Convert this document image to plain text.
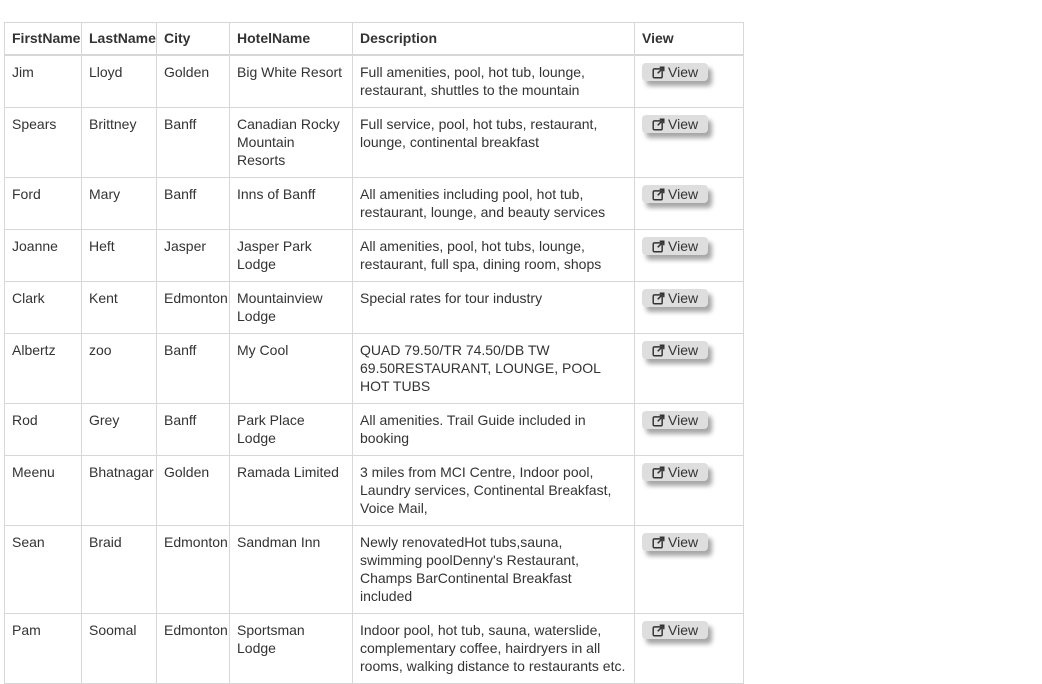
FirstName	LastName	City	HotelName	Description	View
Jim	Lloyd	Golden	Big White Resort	Full amenities, pool, hot tub, lounge, restaurant, shuttles to the mountain	View

Spears	Brittney	Banff	Canadian Rocky Mountain Resorts	Full service, pool, hot tubs, restaurant, lounge, continental breakfast	View

Ford	Mary	Banff	Inns of Banff	All amenities including pool, hot tub, restaurant, lounge, and beauty services	View

Joanne	Heft	Jasper	Jasper Park Lodge	All amenities, pool, hot tubs, lounge, restaurant, full spa, dining room, shops	View

Clark	Kent	Edmonton	Mountainview Lodge	Special rates for tour industry	View

Albertz	zoo	Banff	My Cool	QUAD 79.50/TR 74.50/DB TW 69.50RESTAURANT, LOUNGE, POOL HOT TUBS	View

Rod	Grey	Banff	Park Place Lodge	All amenities. Trail Guide included in booking	View

Meenu	Bhatnagar	Golden	Ramada Limited	3 miles from MCI Centre, Indoor pool, Laundry services, Continental Breakfast, Voice Mail,	View

Sean	Braid	Edmonton	Sandman Inn	Newly renovatedHot tubs,sauna, swimming poolDenny's Restaurant, Champs BarContinental Breakfast included	View

Pam	Soomal	Edmonton	Sportsman Lodge	Indoor pool, hot tub, sauna, waterslide, complementary coffee, hairdryers in all rooms, walking distance to restaurants etc.	View
